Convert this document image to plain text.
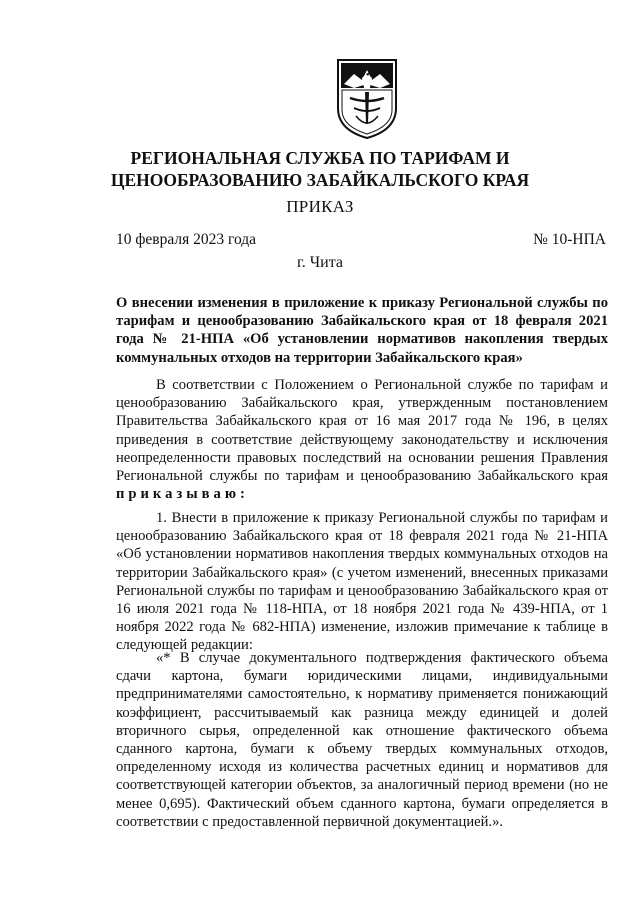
РЕГИОНАЛЬНАЯ СЛУЖБА ПО ТАРИФАМ И
ЦЕНООБРАЗОВАНИЮ ЗАБАЙКАЛЬСКОГО КРАЯ
ПРИКАЗ
10 февраля 2023 года	№ 10-НПА
г. Чита
О внесении изменения в приложение к приказу Региональной службы по тарифам и ценообразованию Забайкальского края от 18 февраля 2021 года № 21-НПА «Об установлении нормативов накопления твердых коммунальных отходов на территории Забайкальского края»
В соответствии с Положением о Региональной службе по тарифам и ценообразованию Забайкальского края, утвержденным постановлением Правительства Забайкальского края от 16 мая 2017 года № 196, в целях приведения в соответствие действующему законодательству и исключения неопределенности правовых последствий на основании решения Правления Региональной службы по тарифам и ценообразованию Забайкальского края приказываю:
1. Внести в приложение к приказу Региональной службы по тарифам и ценообразованию Забайкальского края от 18 февраля 2021 года № 21-НПА «Об установлении нормативов накопления твердых коммунальных отходов на территории Забайкальского края» (с учетом изменений, внесенных приказами Региональной службы по тарифам и ценообразованию Забайкальского края от 16 июля 2021 года № 118-НПА, от 18 ноября 2021 года № 439-НПА, от 1 ноября 2022 года № 682-НПА) изменение, изложив примечание к таблице в следующей редакции:
«* В случае документального подтверждения фактического объема сдачи картона, бумаги юридическими лицами, индивидуальными предпринимателями самостоятельно, к нормативу применяется понижающий коэффициент, рассчитываемый как разница между единицей и долей вторичного сырья, определенной как отношение фактического объема сданного картона, бумаги к объему твердых коммунальных отходов, определенному исходя из количества расчетных единиц и нормативов для соответствующей категории объектов, за аналогичный период времени (но не менее 0,695). Фактический объем сданного картона, бумаги определяется в соответствии с предоставленной первичной документацией.».
